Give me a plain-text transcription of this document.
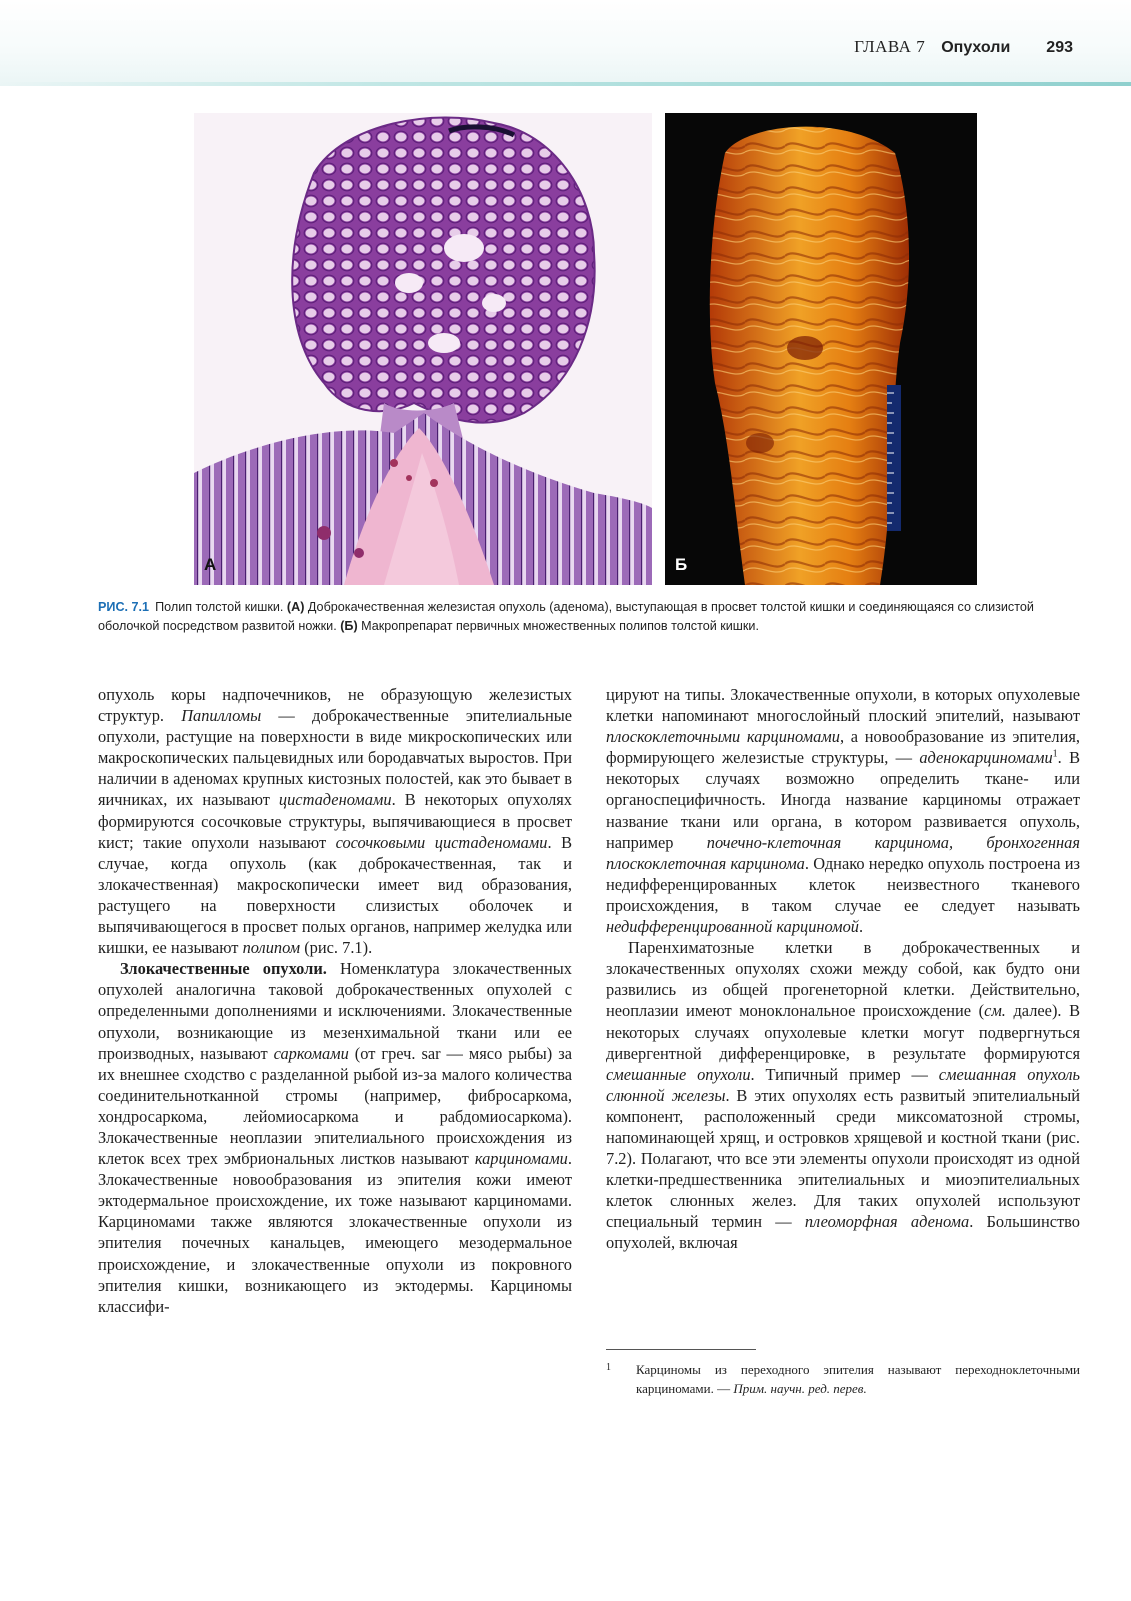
ГЛАВА 7 Опухоли 293
А	Б
РИС. 7.1 Полип толстой кишки. (А) Доброкачественная железистая опухоль (аденома), выступающая в просвет толстой кишки и соединяющаяся со слизистой оболочкой посредством развитой ножки. (Б) Макропрепарат первичных множественных полипов толстой кишки.

опухоль коры надпочечников, не образующую железистых структур. Папилломы — доброкачественные эпителиальные опухоли, растущие на поверхности в виде микроскопических или макроскопических пальцевидных или бородавчатых выростов. При наличии в аденомах крупных кистозных полостей, как это бывает в яичниках, их называют цистаденомами. В некоторых опухолях формируются сосочковые структуры, выпячивающиеся в просвет кист; такие опухоли называют сосочковыми цистаденомами. В случае, когда опухоль (как доброкачественная, так и злокачественная) макроскопически имеет вид образования, растущего на поверхности слизистых оболочек и выпячивающегося в просвет полых органов, например желудка или кишки, ее называют полипом (рис. 7.1).

Злокачественные опухоли. Номенклатура злокачественных опухолей аналогична таковой доброкачественных опухолей с определенными дополнениями и исключениями. Злокачественные опухоли, возникающие из мезенхимальной ткани или ее производных, называют саркомами (от греч. sar — мясо рыбы) за их внешнее сходство с разделанной рыбой из-за малого количества соединительнотканной стромы (например, фибросаркома, хондросаркома, лейомиосаркома и рабдомиосаркома). Злокачественные неоплазии эпителиального происхождения из клеток всех трех эмбриональных листков называют карциномами. Злокачественные новообразования из эпителия кожи имеют эктодермальное происхождение, их тоже называют карциномами. Карциномами также являются злокачественные опухоли из эпителия почечных канальцев, имеющего мезодермальное происхождение, и злокачественные опухоли из покровного эпителия кишки, возникающего из эктодермы. Карциномы классифи-

цируют на типы. Злокачественные опухоли, в которых опухолевые клетки напоминают многослойный плоский эпителий, называют плоскоклеточными карциномами, а новообразование из эпителия, формирующего железистые структуры, — аденокарциномами$^1$. В некоторых случаях возможно определить ткане- или органоспецифичность. Иногда название карциномы отражает название ткани или органа, в котором развивается опухоль, например почечно-клеточная карцинома, бронхогенная плоскоклеточная карцинома. Однако нередко опухоль построена из недифференцированных клеток неизвестного тканевого происхождения, в таком случае ее следует называть недифференцированной карциномой.

Паренхиматозные клетки в доброкачественных и злокачественных опухолях схожи между собой, как будто они развились из общей прогенеторной клетки. Действительно, неоплазии имеют моноклональное происхождение (см. далее). В некоторых случаях опухолевые клетки могут подвергнуться дивергентной дифференцировке, в результате формируются смешанные опухоли. Типичный пример — смешанная опухоль слюнной железы. В этих опухолях есть развитый эпителиальный компонент, расположенный среди миксоматозной стромы, напоминающей хрящ, и островков хрящевой и костной ткани (рис. 7.2). Полагают, что все эти элементы опухоли происходят из одной клетки-предшественника эпителиальных и миоэпителиальных клеток слюнных желез. Для таких опухолей используют специальный термин — плеоморфная аденома. Большинство опухолей, включая

1 Карциномы из переходного эпителия называют переходноклеточными карциномами. — Прим. научн. ред. перев.
